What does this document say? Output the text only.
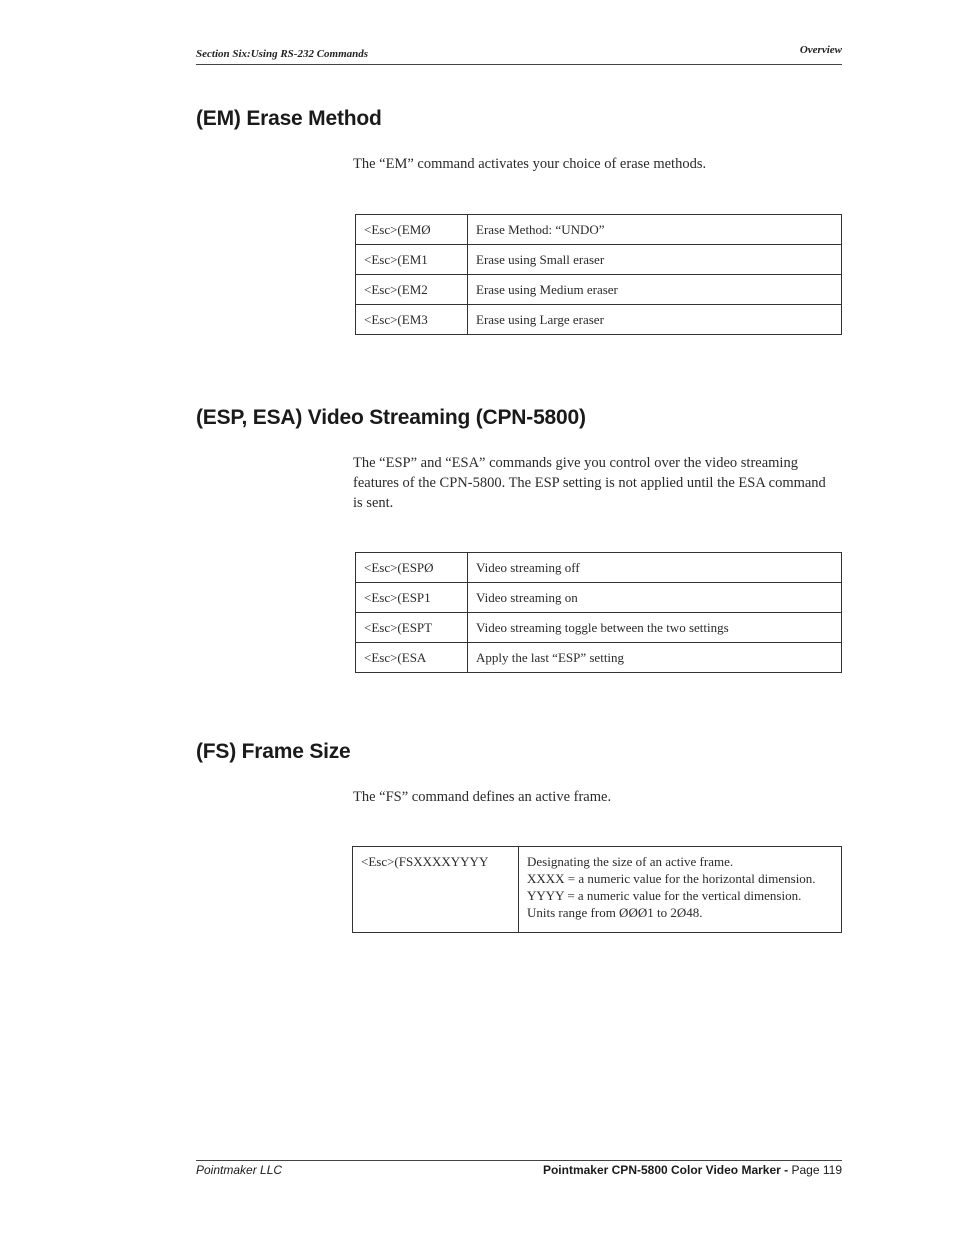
Section Six:Using RS-232 Commands	Overview
(EM) Erase Method

The “EM” command activates your choice of erase methods.

<Esc>(EMØ	Erase Method: “UNDO”
<Esc>(EM1	Erase using Small eraser
<Esc>(EM2	Erase using Medium eraser
<Esc>(EM3	Erase using Large eraser
(ESP, ESA) Video Streaming (CPN-5800)
The “ESP” and “ESA” commands give you control over the video streaming
features of the CPN-5800. The ESP setting is not applied until the ESA command
is sent.
<Esc>(ESPØ	Video streaming off
<Esc>(ESP1	Video streaming on
<Esc>(ESPT	Video streaming toggle between the two settings
<Esc>(ESA	Apply the last “ESP” setting
(FS) Frame Size

The “FS” command defines an active frame.

<Esc>(FSXXXXYYYY	Designating the size of an active frame.
XXXX = a numeric value for the horizontal dimension.
YYYY = a numeric value for the vertical dimension.
Units range from ØØØ1 to 2Ø48.
Pointmaker LLC	Pointmaker CPN-5800 Color Video Marker - Page 119
